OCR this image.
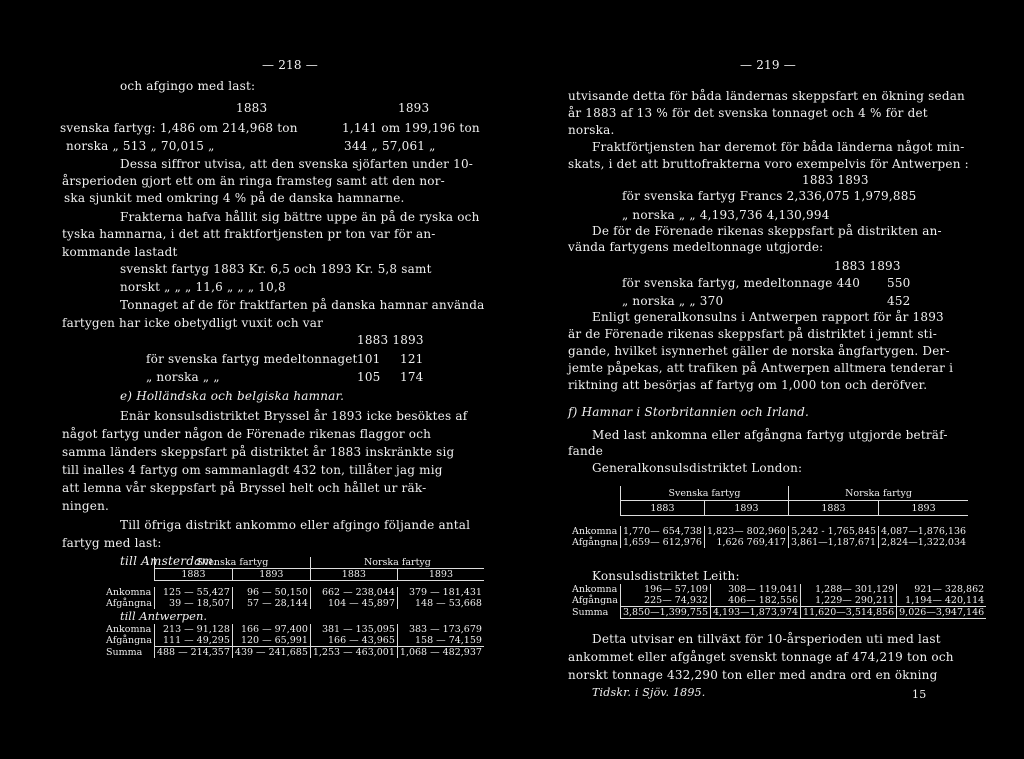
— 218 —
och afgingo med last:
1883	1893
svenska fartyg: 1,486 om 214,968 ton	1,141 om 199,196 ton
norska „ 513 „ 70,015 „	344 „ 57,061 „
Dessa siffror utvisa, att den svenska sjöfarten under 10-
årsperioden gjort ett om än ringa framsteg samt att den nor-
ska sjunkit med omkring 4 % på de danska hamnarne.
Frakterna hafva hållit sig bättre uppe än på de ryska och
tyska hamnarna, i det att fraktfortjensten pr ton var för an-
kommande lastadt
svenskt fartyg 1883 Kr. 6,5 och 1893 Kr. 5,8 samt
norskt „ „ „ 11,6 „ „ „ 10,8
Tonnaget af de för fraktfarten på danska hamnar använda
fartygen har icke obetydligt vuxit och var
1883 1893
för svenska fartyg medeltonnaget 101 121
„ norska „ „	105 174
e) Holländska och belgiska hamnar.
Enär konsulsdistriktet Bryssel år 1893 icke besöktes af
något fartyg under någon de Förenade rikenas flaggor och
samma länders skeppsfart på distriktet år 1883 inskränkte sig
till inalles 4 fartyg om sammanlagdt 432 ton, tillåter jag mig
att lemna vår skeppsfart på Bryssel helt och hållet ur räk-
ningen.
Till öfriga distrikt ankommo eller afgingo följande antal
fartyg med last:
till Amsterdam.
	Svenska fartyg		Norska fartyg	
	1883	1893	1883	1893

Ankomna	125 — 55,427	96 — 50,150	662 — 238,044	379 — 181,431
Afgångna	39 — 18,507	57 — 28,144	104 — 45,897	148 — 53,668
till Antwerpen.				
Ankomna	213 — 91,128	166 — 97,400	381 — 135,095	383 — 173,679
Afgångna	111 — 49,295	120 — 65,991	166 — 43,965	158 — 74,159
Summa	488 — 214,357	439 — 241,685	1,253 — 463,001	1,068 — 482,937
— 219 —
utvisande detta för båda ländernas skeppsfart en ökning sedan
år 1883 af 13 % för det svenska tonnaget och 4 % för det
norska.
Fraktförtjensten har deremot för båda länderna något min-
skats, i det att bruttofrakterna voro exempelvis för Antwerpen :
1883 1893
för svenska fartyg Francs 2,336,075 1,979,885
„ norska „ „ 4,193,736 4,130,994
De för de Förenade rikenas skeppsfart på distrikten an-
vända fartygens medeltonnage utgjorde:
1883 1893
för svenska fartyg, medeltonnage 440 550
„ norska „ „ 370	452
Enligt generalkonsulns i Antwerpen rapport för år 1893
är de Förenade rikenas skeppsfart på distriktet i jemnt sti-
gande, hvilket isynnerhet gäller de norska ångfartygen. Der-
jemte påpekas, att trafiken på Antwerpen alltmera tenderar i
riktning att besörjas af fartyg om 1,000 ton och deröfver.
f) Hamnar i Storbritannien och Irland.
Med last ankomna eller afgångna fartyg utgjorde beträf-
fande
Generalkonsulsdistriktet London:
	Svenska fartyg		Norska fartyg	
	1883	1893	1883	1893

Ankomna	1,770— 654,738	1,823— 802,960	5,242 - 1,765,845	4,087—1,876,136
Afgångna	1,659— 612,976	1,626 769,417	3,861—1,187,671	2,824—1,322,034
Konsulsdistriktet Leith:
Ankomna	196— 57,109	308— 119,041	1,288— 301,129	921— 328,862
Afgångna	225— 74,932	406— 182,556	1,229— 290,211	1,194— 420,114
Summa	3,850—1,399,755	4,193—1,873,974	11,620—3,514,856	9,026—3,947,146
Detta utvisar en tillväxt för 10-årsperioden uti med last
ankommet eller afgånget svenskt tonnage af 474,219 ton och
norskt tonnage 432,290 ton eller med andra ord en ökning
Tidskr. i Sjöv. 1895.	15
